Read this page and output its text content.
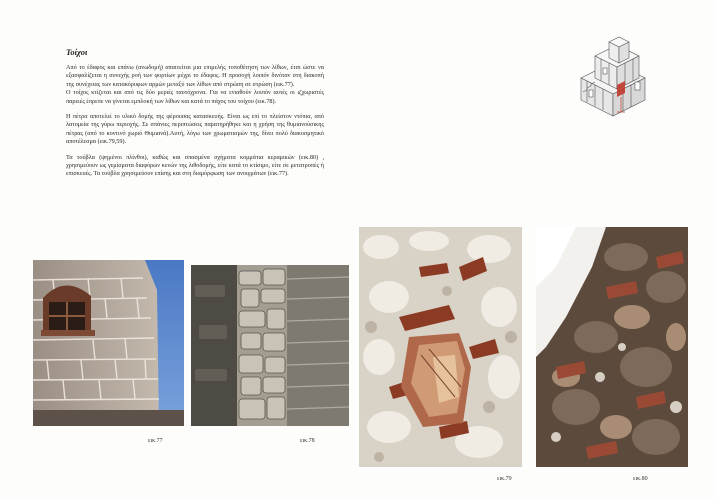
Τοίχοι

Από το έδαφος και επάνω (ανωδομή) απαιτείται μια επιμελής τοποθέτηση των λίθων, έτσι ώστε να εξασφαλίζεται η συνεχής ροή των φορτίων μέχρι το έδαφος. Η προσοχή λοιπόν δινόταν στη διακοπή της συνέχειας των κατακόρυφων αρμών μεταξύ των λίθων από στρώση σε στρώση (εικ.77).

Ο τοίχος κτίζεται και από τις δύο μεριές ταυτόχρονα. Για να ενιαθούν λοιπόν αυτές οι ιζχωριστές παρειές έπρεπε να γίνεται εμπλοκή των λίθων και κατά το πάχος του τοίχου (εικ.78).

Η πέτρα αποτελεί το υλικό δομής της φέρουσας κατασκευής. Είναι ως επί το πλείστον ντόπια, από λατομεία της γύρω περιοχής. Σε σπάνιες περιπτώσεις παρατηρήθηκε και η χρήση της θυμιανούσικης πέτρας (από το κοντινό χωριό Θυμιανά).Αυτή, λόγω των χρωματισμών της, δίνει πολύ διακοσμητικό αποτέλεσμα (εικ.79,59).

Τα τούβλα (ψημένοι πλίνθοι), καθώς και σπασμένα σχήματα κομμάτια κεραμικών (εικ.80) , χρησιμεύουν ως γεμίσματα διαφόρων κενών της λιθοδομής, είτε κατά το κτίσιμο, είτε σε μετατροπές ή επισκευές. Τα τούβλα χρησιμεύουν επίσης και στη διαμόρφωση των ανοιγμάτων (εικ.77).

εικ.77	εικ.78
εικ.79	εικ.80
